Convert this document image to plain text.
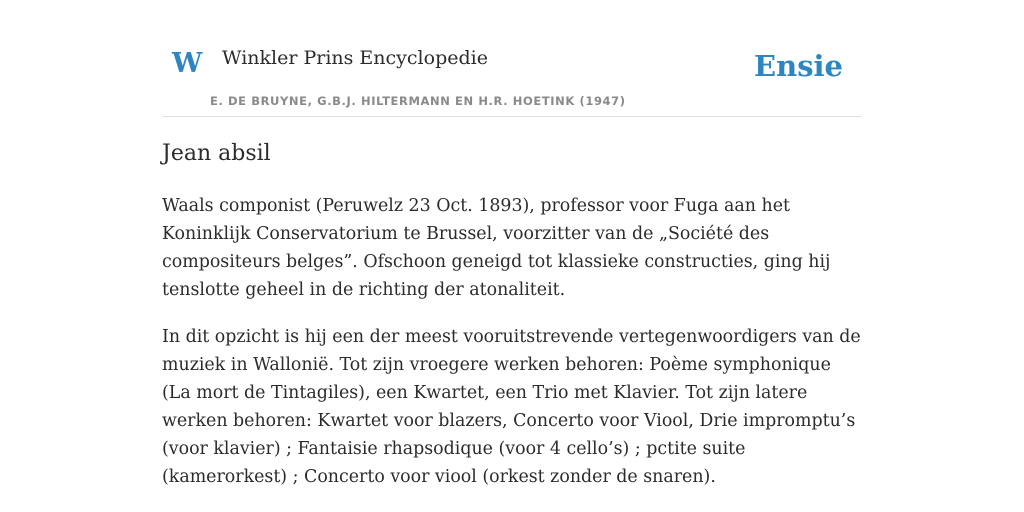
W Winkler Prins Encyclopedie
E. DE BRUYNE, G.B.J. HILTERMANN EN H.R. HOETINK (1947)
Ensie
Jean absil

Waals componist (Peruwelz 23 Oct. 1893), professor voor Fuga aan het Koninklijk Conservatorium te Brussel, voorzitter van de „Société des compositeurs belges”. Ofschoon geneigd tot klassieke constructies, ging hij tenslotte geheel in de richting der atonaliteit.

In dit opzicht is hij een der meest vooruitstrevende vertegenwoordigers van de muziek in Wallonië. Tot zijn vroegere werken behoren: Poème symphonique (La mort de Tintagiles), een Kwartet, een Trio met Klavier. Tot zijn latere werken behoren: Kwartet voor blazers, Concerto voor Viool, Drie impromptu’s (voor klavier) ; Fantaisie rhapsodique (voor 4 cello’s) ; pctite suite (kamerorkest) ; Concerto voor viool (orkest zonder de snaren).
